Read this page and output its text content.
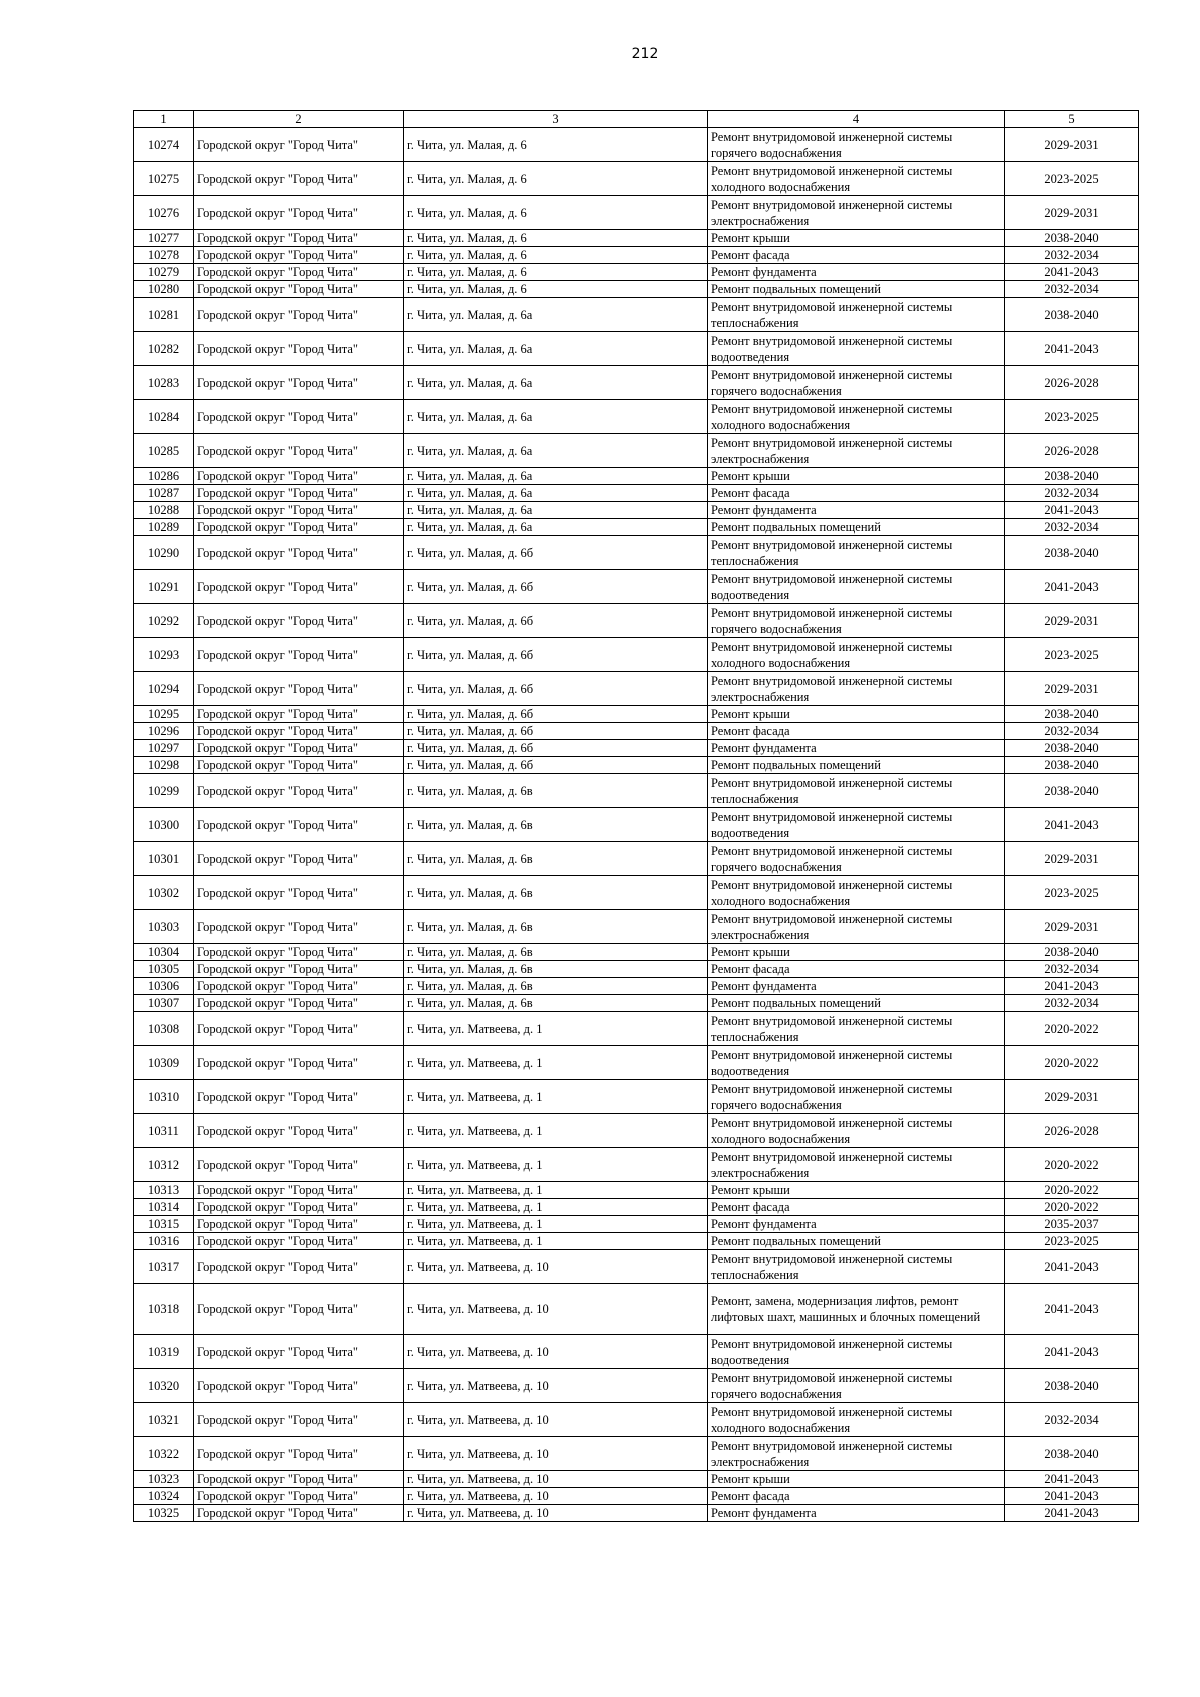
212
1	2	3	4	5
10274	Городской округ "Город Чита"	г. Чита, ул. Малая, д. 6	Ремонт внутридомовой инженерной системы горячего водоснабжения	2029-2031
10275	Городской округ "Город Чита"	г. Чита, ул. Малая, д. 6	Ремонт внутридомовой инженерной системы холодного водоснабжения	2023-2025
10276	Городской округ "Город Чита"	г. Чита, ул. Малая, д. 6	Ремонт внутридомовой инженерной системы электроснабжения	2029-2031
10277	Городской округ "Город Чита"	г. Чита, ул. Малая, д. 6	Ремонт крыши	2038-2040
10278	Городской округ "Город Чита"	г. Чита, ул. Малая, д. 6	Ремонт фасада	2032-2034
10279	Городской округ "Город Чита"	г. Чита, ул. Малая, д. 6	Ремонт фундамента	2041-2043
10280	Городской округ "Город Чита"	г. Чита, ул. Малая, д. 6	Ремонт подвальных помещений	2032-2034
10281	Городской округ "Город Чита"	г. Чита, ул. Малая, д. 6а	Ремонт внутридомовой инженерной системы теплоснабжения	2038-2040
10282	Городской округ "Город Чита"	г. Чита, ул. Малая, д. 6а	Ремонт внутридомовой инженерной системы водоотведения	2041-2043
10283	Городской округ "Город Чита"	г. Чита, ул. Малая, д. 6а	Ремонт внутридомовой инженерной системы горячего водоснабжения	2026-2028
10284	Городской округ "Город Чита"	г. Чита, ул. Малая, д. 6а	Ремонт внутридомовой инженерной системы холодного водоснабжения	2023-2025
10285	Городской округ "Город Чита"	г. Чита, ул. Малая, д. 6а	Ремонт внутридомовой инженерной системы электроснабжения	2026-2028
10286	Городской округ "Город Чита"	г. Чита, ул. Малая, д. 6а	Ремонт крыши	2038-2040
10287	Городской округ "Город Чита"	г. Чита, ул. Малая, д. 6а	Ремонт фасада	2032-2034
10288	Городской округ "Город Чита"	г. Чита, ул. Малая, д. 6а	Ремонт фундамента	2041-2043
10289	Городской округ "Город Чита"	г. Чита, ул. Малая, д. 6а	Ремонт подвальных помещений	2032-2034
10290	Городской округ "Город Чита"	г. Чита, ул. Малая, д. 6б	Ремонт внутридомовой инженерной системы теплоснабжения	2038-2040
10291	Городской округ "Город Чита"	г. Чита, ул. Малая, д. 6б	Ремонт внутридомовой инженерной системы водоотведения	2041-2043
10292	Городской округ "Город Чита"	г. Чита, ул. Малая, д. 6б	Ремонт внутридомовой инженерной системы горячего водоснабжения	2029-2031
10293	Городской округ "Город Чита"	г. Чита, ул. Малая, д. 6б	Ремонт внутридомовой инженерной системы холодного водоснабжения	2023-2025
10294	Городской округ "Город Чита"	г. Чита, ул. Малая, д. 6б	Ремонт внутридомовой инженерной системы электроснабжения	2029-2031
10295	Городской округ "Город Чита"	г. Чита, ул. Малая, д. 6б	Ремонт крыши	2038-2040
10296	Городской округ "Город Чита"	г. Чита, ул. Малая, д. 6б	Ремонт фасада	2032-2034
10297	Городской округ "Город Чита"	г. Чита, ул. Малая, д. 6б	Ремонт фундамента	2038-2040
10298	Городской округ "Город Чита"	г. Чита, ул. Малая, д. 6б	Ремонт подвальных помещений	2038-2040
10299	Городской округ "Город Чита"	г. Чита, ул. Малая, д. 6в	Ремонт внутридомовой инженерной системы теплоснабжения	2038-2040
10300	Городской округ "Город Чита"	г. Чита, ул. Малая, д. 6в	Ремонт внутридомовой инженерной системы водоотведения	2041-2043
10301	Городской округ "Город Чита"	г. Чита, ул. Малая, д. 6в	Ремонт внутридомовой инженерной системы горячего водоснабжения	2029-2031
10302	Городской округ "Город Чита"	г. Чита, ул. Малая, д. 6в	Ремонт внутридомовой инженерной системы холодного водоснабжения	2023-2025
10303	Городской округ "Город Чита"	г. Чита, ул. Малая, д. 6в	Ремонт внутридомовой инженерной системы электроснабжения	2029-2031
10304	Городской округ "Город Чита"	г. Чита, ул. Малая, д. 6в	Ремонт крыши	2038-2040
10305	Городской округ "Город Чита"	г. Чита, ул. Малая, д. 6в	Ремонт фасада	2032-2034
10306	Городской округ "Город Чита"	г. Чита, ул. Малая, д. 6в	Ремонт фундамента	2041-2043
10307	Городской округ "Город Чита"	г. Чита, ул. Малая, д. 6в	Ремонт подвальных помещений	2032-2034
10308	Городской округ "Город Чита"	г. Чита, ул. Матвеева, д. 1	Ремонт внутридомовой инженерной системы теплоснабжения	2020-2022
10309	Городской округ "Город Чита"	г. Чита, ул. Матвеева, д. 1	Ремонт внутридомовой инженерной системы водоотведения	2020-2022
10310	Городской округ "Город Чита"	г. Чита, ул. Матвеева, д. 1	Ремонт внутридомовой инженерной системы горячего водоснабжения	2029-2031
10311	Городской округ "Город Чита"	г. Чита, ул. Матвеева, д. 1	Ремонт внутридомовой инженерной системы холодного водоснабжения	2026-2028
10312	Городской округ "Город Чита"	г. Чита, ул. Матвеева, д. 1	Ремонт внутридомовой инженерной системы электроснабжения	2020-2022
10313	Городской округ "Город Чита"	г. Чита, ул. Матвеева, д. 1	Ремонт крыши	2020-2022
10314	Городской округ "Город Чита"	г. Чита, ул. Матвеева, д. 1	Ремонт фасада	2020-2022
10315	Городской округ "Город Чита"	г. Чита, ул. Матвеева, д. 1	Ремонт фундамента	2035-2037
10316	Городской округ "Город Чита"	г. Чита, ул. Матвеева, д. 1	Ремонт подвальных помещений	2023-2025
10317	Городской округ "Город Чита"	г. Чита, ул. Матвеева, д. 10	Ремонт внутридомовой инженерной системы теплоснабжения	2041-2043
10318	Городской округ "Город Чита"	г. Чита, ул. Матвеева, д. 10	Ремонт, замена, модернизация лифтов, ремонт лифтовых шахт, машинных и блочных помещений	2041-2043
10319	Городской округ "Город Чита"	г. Чита, ул. Матвеева, д. 10	Ремонт внутридомовой инженерной системы водоотведения	2041-2043
10320	Городской округ "Город Чита"	г. Чита, ул. Матвеева, д. 10	Ремонт внутридомовой инженерной системы горячего водоснабжения	2038-2040
10321	Городской округ "Город Чита"	г. Чита, ул. Матвеева, д. 10	Ремонт внутридомовой инженерной системы холодного водоснабжения	2032-2034
10322	Городской округ "Город Чита"	г. Чита, ул. Матвеева, д. 10	Ремонт внутридомовой инженерной системы электроснабжения	2038-2040
10323	Городской округ "Город Чита"	г. Чита, ул. Матвеева, д. 10	Ремонт крыши	2041-2043
10324	Городской округ "Город Чита"	г. Чита, ул. Матвеева, д. 10	Ремонт фасада	2041-2043
10325	Городской округ "Город Чита"	г. Чита, ул. Матвеева, д. 10	Ремонт фундамента	2041-2043
